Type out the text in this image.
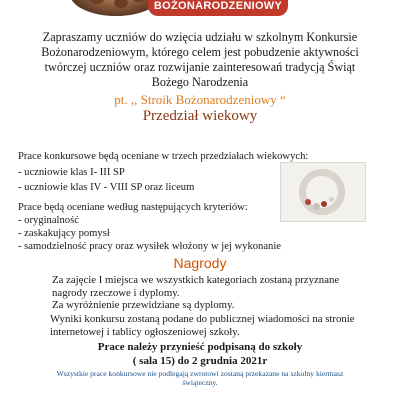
BOŻONARODZENIOWY
Zapraszamy uczniów do wzięcia udziału w szkolnym Konkursie Bożonarodzeniowym, którego celem jest pobudzenie aktywności twórczej uczniów oraz rozwijanie zainteresowań tradycją Świąt Bożego Narodzenia
pt. ,, Stroik Bożonarodzeniowy “
Przedział wiekowy
Prace konkursowe będą oceniane w trzech przedziałach wiekowych:
- uczniowie klas I- III SP
- uczniowie klas IV - VIII SP oraz liceum
Prace będą oceniane według następujących kryteriów:
- oryginalność
- zaskakujący pomysł
- samodzielność pracy oraz wysiłek włożony w jej wykonanie
Nagrody
Za zajęcie I miejsca we wszystkich kategoriach zostaną przyznane nagrody rzeczowe i dyplomy.
Za wyróżnienie przewidziane są dyplomy.
Wyniki konkursu zostaną podane do publicznej wiadomości na stronie internetowej i tablicy ogłoszeniowej szkoły.
Prace należy przynieść podpisaną do szkoły
( sala 15) do 2 grudnia 2021r
Wszystkie prace konkursowe nie podlegają zwrotowi zostaną przekazane na szkolny kiermasz świąteczny.
